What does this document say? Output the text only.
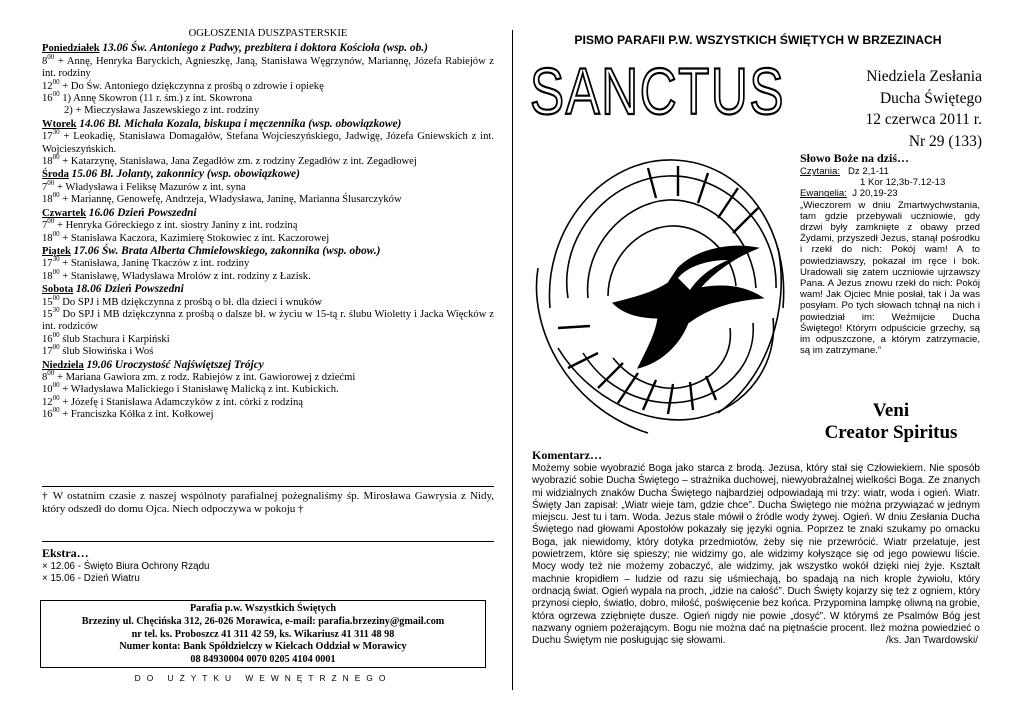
OGŁOSZENIA DUSZPASTERSKIE
Poniedziałek 13.06 Św. Antoniego z Padwy, prezbitera i doktora Kościoła (wsp. ob.)
$8^{00}$ + Annę, Henryka Baryckich, Agnieszkę, Janą, Stanisława Węgrzynów, Mariannę, Józefa Rabiejów z int. rodziny
$12^{00} + Do$ Św. Antoniego dziękczynna z prośbą o zdrowie i opiekę
$16^{00}$ 1) Annę Skowron (11 r. śm.) z int. Skowrona
2) + Mieczysława Jaszewskiego z int. rodziny
Wtorek 14.06 Bł. Michała Kozala, biskupa i męczennika (wsp. obowiązkowe)
$17^{30}$ + Leokadię, Stanisława Domagałów, Stefana Wojcieszyńskiego, Jadwigę, Józefa Gniewskich z int. Wojcieszyńskich.
$18^{00}$ + Katarzynę, Stanisława, Jana Zegadłów zm. z rodziny Zegadłów z int. Zegadłowej
Środa 15.06 Bł. Jolanty, zakonnicy (wsp. obowiązkowe)
$7^{00}$ + Władysława i Feliksę Mazurów z int. syna
$18^{00}$ + Mariannę, Genowefę, Andrzeja, Władysława, Janinę, Marianna Ślusarczyków
Czwartek 16.06 Dzień Powszedni
$7^{00}$ + Henryka Góreckiego z int. siostry Janiny z int. rodziną
$18^{00}$ + Stanisława Kaczora, Kazimierę Stokowiec z int. Kaczorowej
Piątek 17.06 Św. Brata Alberta Chmielowskiego, zakonnika (wsp. obow.)
$17^{30}$ + Stanisława, Janinę Tkaczów z int. rodziny
$18^{00}$ + Stanisławę, Władysława Mrolów z int. rodziny z Łazisk.
Sobota 18.06 Dzień Powszedni
$15^{00}$ Do SPJ i MB dziękczynna z prośbą o bł. dla dzieci i wnuków
$15^{30}$ Do SPJ i MB dziękczynna z prośbą o dalsze bł. w życiu w 15-tą r. ślubu Wioletty i Jacka Więcków z int. rodziców
$16^{00}$ ślub Stachura i Karpiński
$17^{00}$ ślub Słowińska i Woś
Niedziela 19.06 Uroczystość Najświętszej Trójcy
$8^{00}$ + Mariana Gawiora zm. z rodz. Rabiejów z int. Gawiorowej z dziećmi
$10^{00}$ + Władysława Malickiego i Stanisławę Malicką z int. Kubickich.
$12^{00}$ + Józefę i Stanisława Adamczyków z int. córki z rodziną
$16^{00}$ + Franciszka Kółka z int. Kołkowej
† W ostatnim czasie z naszej wspólnoty parafialnej pożegnaliśmy śp. Mirosława Gawrysia z Nidy, który odszedł do domu Ojca. Niech odpoczywa w pokoju †
Ekstra…
× 12.06 - Święto Biura Ochrony Rządu
× 15.06 - Dzień Wiatru
Parafia p.w. Wszystkich Świętych
Brzeziny ul. Chęcińska 312, 26-026 Morawica, e-mail: parafia.brzeziny@gmail.com
nr tel. ks. Proboszcz 41 311 42 59, ks. Wikariusz 41 311 48 98
Numer konta: Bank Spółdzielczy w Kielcach Oddział w Morawicy
08 84930004 0070 0205 4104 0001
DO UŻYTKU WEWNĘTRZNEGO
PISMO PARAFII P.W. WSZYSTKICH ŚWIĘTYCH W BRZEZINACH
SANCTUS	Niedziela Zesłania
Ducha Świętego
12 czerwca 2011 r.
Nr 29 (133)
Słowo Boże na dziś…
Czytania: Dz 2,1-11
1 Kor 12,3b-7.12-13
Ewangelia: J 20,19-23
„Wieczorem w dniu Zmartwychwstania, tam gdzie przebywali uczniowie, gdy drzwi były zamknięte z obawy przed Żydami, przyszedł Jezus, stanął pośrodku i rzekł do nich: Pokój wam! A to powiedziawszy, pokazał im ręce i bok. Uradowali się zatem uczniowie ujrzawszy Pana. A Jezus znowu rzekł do nich: Pokój wam! Jak Ojciec Mnie posłał, tak i Ja was posyłam. Po tych słowach tchnął na nich i powiedział im: Weźmijcie Ducha Świętego! Którym odpuścicie grzechy, są im odpuszczone, a którym zatrzymacie, są im zatrzymane.”
Veni
Creator Spiritus
Komentarz…
Możemy sobie wyobrazić Boga jako starca z brodą. Jezusa, który stał się Człowiekiem. Nie sposób wyobrazić sobie Ducha Świętego – strażnika duchowej, niewyobrażalnej wielkości Boga. Ze znanych mi widzialnych znaków Ducha Świętego najbardziej odpowiadają mi trzy: wiatr, woda i ogień. Wiatr. Święty Jan zapisał: „Wiatr wieje tam, gdzie chce”. Ducha Świętego nie można przywiązać w jednym miejscu. Jest tu i tam. Woda. Jezus stale mówił o źródle wody żywej. Ogień. W dniu Zesłania Ducha Świętego nad głowami Apostołów pokazały się języki ognia. Poprzez te znaki szukamy po omacku Boga, jak niewidomy, który dotyka przedmiotów, żeby się nie przewrócić. Wiatr przelatuje, jest powietrzem, które się spieszy; nie widzimy go, ale widzimy kołyszące się od jego powiewu liście. Mocy wody też nie możemy zobaczyć, ale widzimy, jak wszystko wokół dzięki niej żyje. Kształt machnie kropidłem – ludzie od razu się uśmiechają, bo spadają na nich krople żywiołu, który ordnacją świat. Ogień wypala na proch, „idzie na całość”. Duch Święty kojarzy się też z ogniem, który przynosi ciepło, światło, dobro, miłość, poświęcenie bez końca. Przypomina lampkę oliwną na grobie, która ogrzewa zziębnięte dusze. Ogień nigdy nie powie „dosyć”. W którymś ze Psalmów Bóg jest nazwany ogniem pożerającym. Bogu nie można dać na piętnaście procent. Ileż można powiedzieć o Duchu Świętym nie posługując się słowami.	/ks. Jan Twardowski/
